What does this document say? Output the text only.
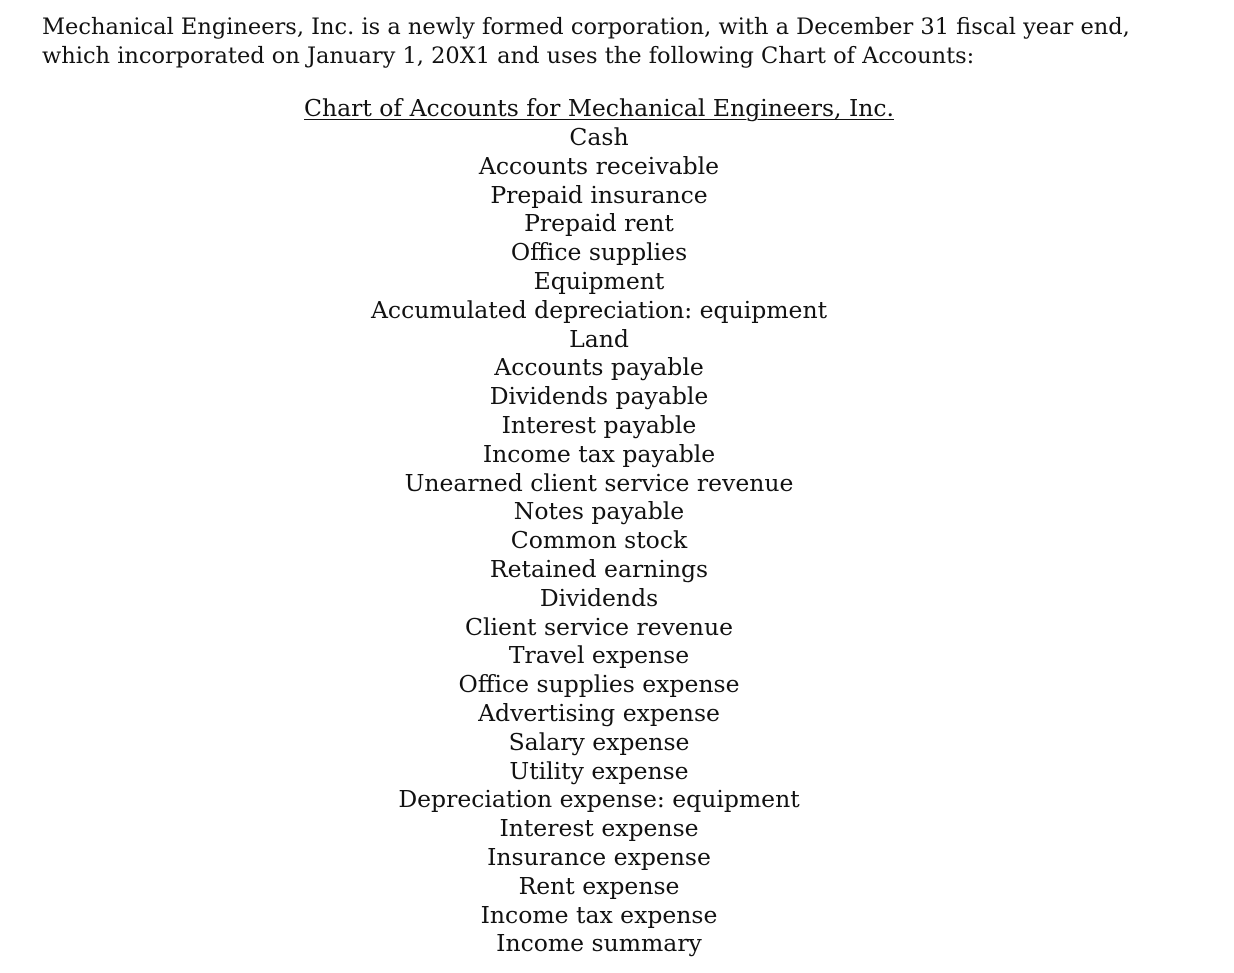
Mechanical Engineers, Inc. is a newly formed corporation, with a December 31 fiscal year end, which incorporated on January 1, 20X1 and uses the following Chart of Accounts:

Chart of Accounts for Mechanical Engineers, Inc.
Cash
Accounts receivable
Prepaid insurance
Prepaid rent
Office supplies
Equipment
Accumulated depreciation: equipment
Land
Accounts payable
Dividends payable
Interest payable
Income tax payable
Unearned client service revenue
Notes payable
Common stock
Retained earnings
Dividends
Client service revenue
Travel expense
Office supplies expense
Advertising expense
Salary expense
Utility expense
Depreciation expense: equipment
Interest expense
Insurance expense
Rent expense
Income tax expense
Income summary
